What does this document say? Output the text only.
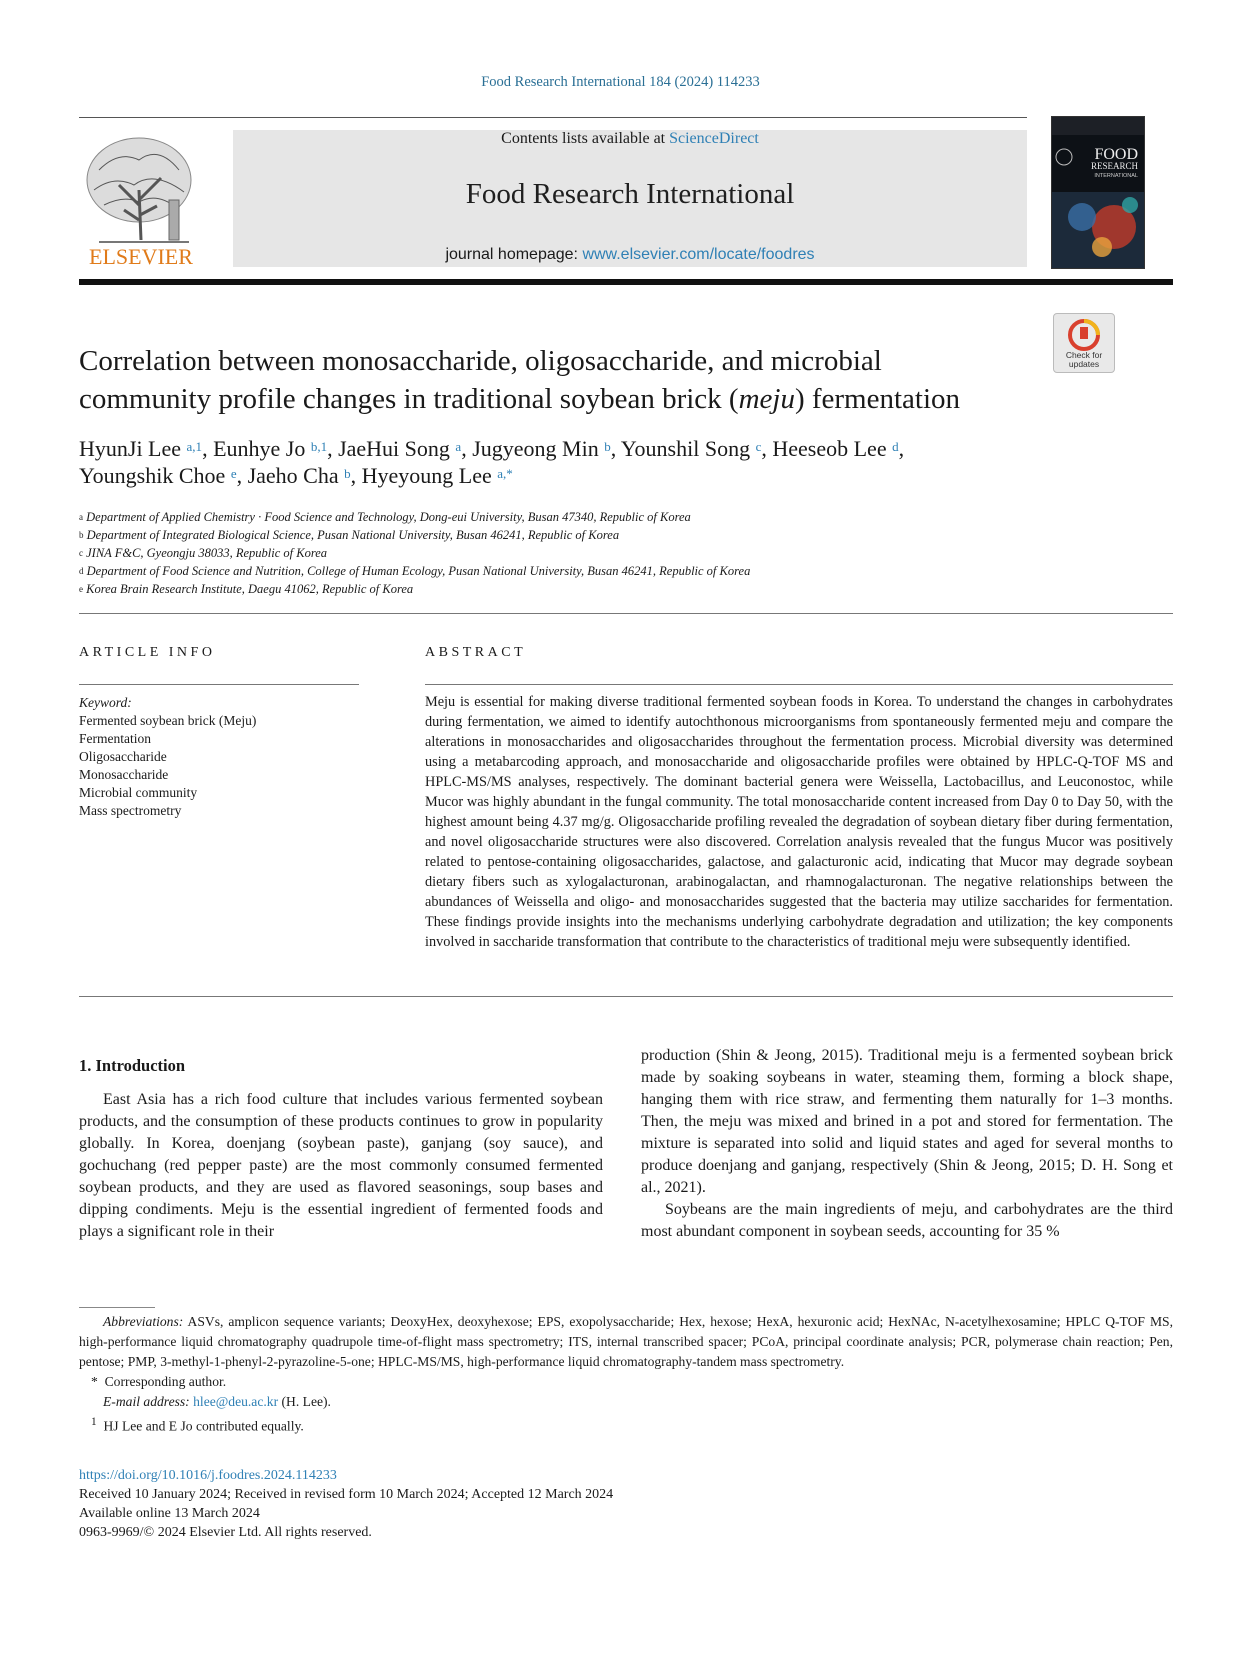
Food Research International 184 (2024) 114233
ELSEVIER
Contents lists available at ScienceDirect
Food Research International
journal homepage: www.elsevier.com/locate/foodres
FOOD
RESEARCH
INTERNATIONAL
Check for
updates
Correlation between monosaccharide, oligosaccharide, and microbial
community profile changes in traditional soybean brick (meju) fermentation
HyunJi Lee $^{a,1}$, Eunhye Jo $^{b,1}$, JaeHui Song $^a$, Jugyeong Min $^b$, Younshil Song $^c$, Heeseob Lee $^d$,
Youngshik Choe $^e$, Jaeho Cha $^b$, Hyeyoung Lee $^{a,*}$
$^a$ Department of Applied Chemistry · Food Science and Technology, Dong-eui University, Busan 47340, Republic of Korea
$^b$ Department of Integrated Biological Science, Pusan National University, Busan 46241, Republic of Korea
$^c$ JINA F&C, Gyeongju 38033, Republic of Korea
$^d$ Department of Food Science and Nutrition, College of Human Ecology, Pusan National University, Busan 46241, Republic of Korea
$^e$ Korea Brain Research Institute, Daegu 41062, Republic of Korea
ARTICLE INFO	ABSTRACT
Keyword:
Fermented soybean brick (Meju)
Fermentation
Oligosaccharide
Monosaccharide
Microbial community
Mass spectrometry
Meju is essential for making diverse traditional fermented soybean foods in Korea. To understand the changes in carbohydrates during fermentation, we aimed to identify autochthonous microorganisms from spontaneously fermented meju and compare the alterations in monosaccharides and oligosaccharides throughout the fermentation process. Microbial diversity was determined using a metabarcoding approach, and monosaccharide and oligosaccharide profiles were obtained by HPLC-Q-TOF MS and HPLC-MS/MS analyses, respectively. The dominant bacterial genera were Weissella, Lactobacillus, and Leuconostoc, while Mucor was highly abundant in the fungal community. The total monosaccharide content increased from Day 0 to Day 50, with the highest amount being 4.37 mg/g. Oligosaccharide profiling revealed the degradation of soybean dietary fiber during fermentation, and novel oligosaccharide structures were also discovered. Correlation analysis revealed that the fungus Mucor was positively related to pentose-containing oligosaccharides, galactose, and galacturonic acid, indicating that Mucor may degrade soybean dietary fibers such as xylogalacturonan, arabinogalactan, and rhamnogalacturonan. The negative relationships between the abundances of Weissella and oligo- and monosaccharides suggested that the bacteria may utilize saccharides for fermentation. These findings provide insights into the mechanisms underlying carbohydrate degradation and utilization; the key components involved in saccharide transformation that contribute to the characteristics of traditional meju were subsequently identified.
1. Introduction
East Asia has a rich food culture that includes various fermented soybean products, and the consumption of these products continues to grow in popularity globally. In Korea, doenjang (soybean paste), ganjang (soy sauce), and gochuchang (red pepper paste) are the most commonly consumed fermented soybean products, and they are used as flavored seasonings, soup bases and dipping condiments. Meju is the essential ingredient of fermented foods and plays a significant role in their
production (Shin & Jeong, 2015). Traditional meju is a fermented soybean brick made by soaking soybeans in water, steaming them, forming a block shape, hanging them with rice straw, and fermenting them naturally for 1–3 months. Then, the meju was mixed and brined in a pot and stored for fermentation. The mixture is separated into solid and liquid states and aged for several months to produce doenjang and ganjang, respectively (Shin & Jeong, 2015; D. H. Song et al., 2021).
Soybeans are the main ingredients of meju, and carbohydrates are the third most abundant component in soybean seeds, accounting for 35 %
Abbreviations: ASVs, amplicon sequence variants; DeoxyHex, deoxyhexose; EPS, exopolysaccharide; Hex, hexose; HexA, hexuronic acid; HexNAc, N-acetylhexosamine; HPLC Q-TOF MS, high-performance liquid chromatography quadrupole time-of-flight mass spectrometry; ITS, internal transcribed spacer; PCoA, principal coordinate analysis; PCR, polymerase chain reaction; Pen, pentose; PMP, 3-methyl-1-phenyl-2-pyrazoline-5-one; HPLC-MS/MS, high-performance liquid chromatography-tandem mass spectrometry.
*  Corresponding author.
E-mail address: hlee@deu.ac.kr (H. Lee).
$^1$ HJ Lee and E Jo contributed equally.
https://doi.org/10.1016/j.foodres.2024.114233
Received 10 January 2024; Received in revised form 10 March 2024; Accepted 12 March 2024
Available online 13 March 2024
0963-9969/© 2024 Elsevier Ltd. All rights reserved.
